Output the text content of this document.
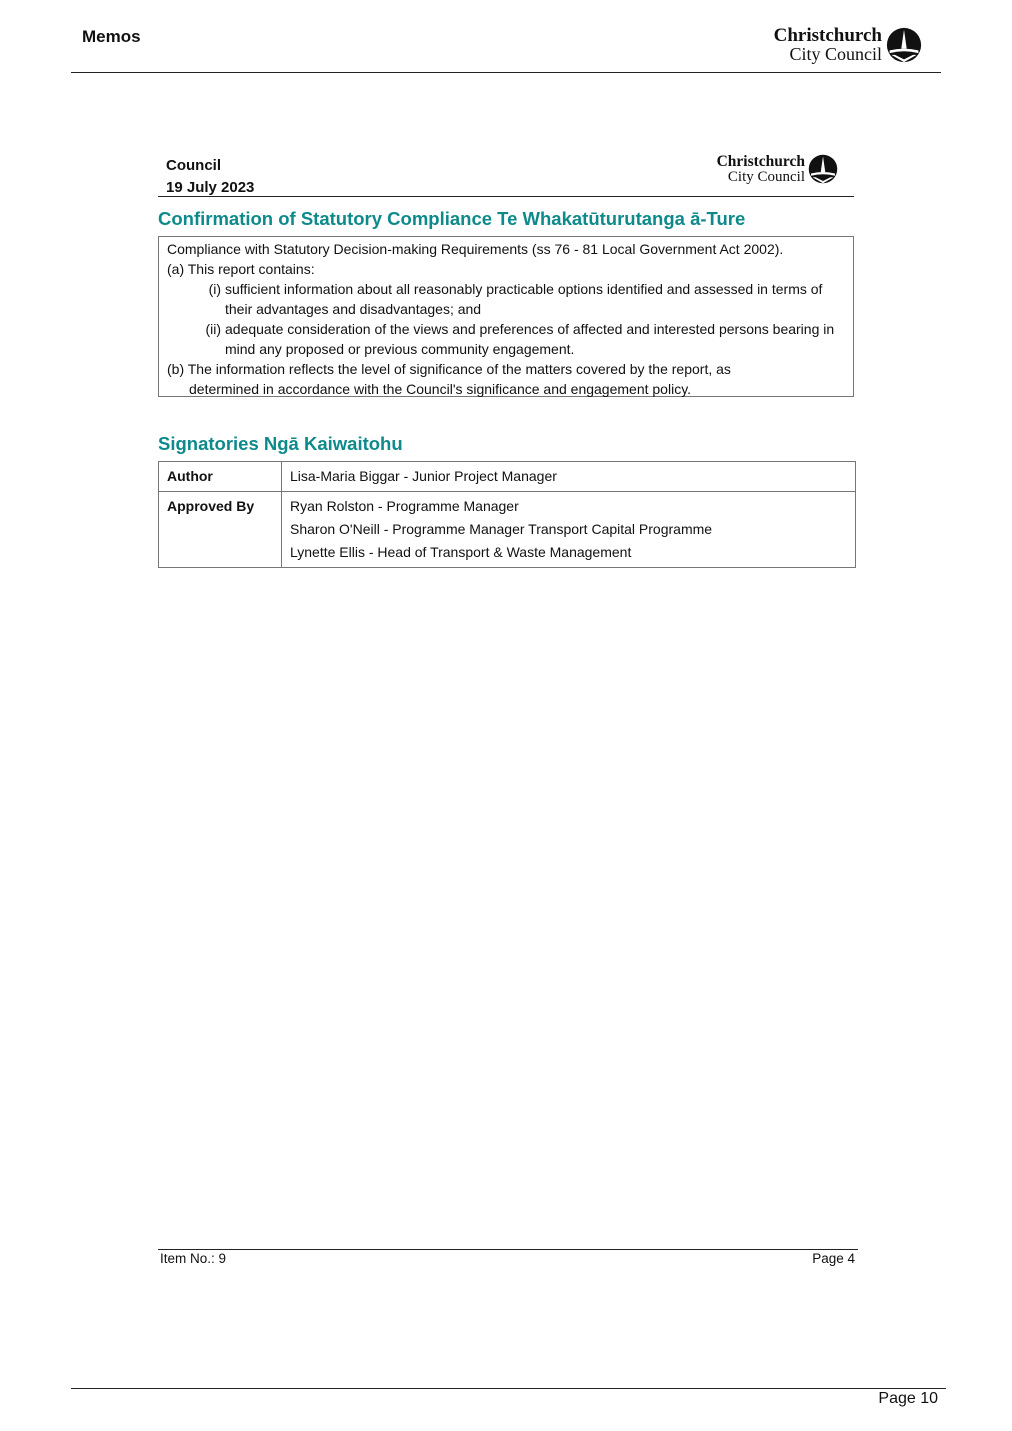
Memos	Christchurch
City Council
Council
19 July 2023
Christchurch
City Council
Confirmation of Statutory Compliance Te Whakatūturutanga ā-Ture

Compliance with Statutory Decision-making Requirements (ss 76 - 81 Local Government Act 2002).

(a) This report contains:

(i) sufficient information about all reasonably practicable options identified and assessed in terms of their advantages and disadvantages; and
(ii) adequate consideration of the views and preferences of affected and interested persons bearing in mind any proposed or previous community engagement.

(b) The information reflects the level of significance of the matters covered by the report, as

determined in accordance with the Council's significance and engagement policy.

Signatories Ngā Kaiwaitohu
Author	Lisa-Maria Biggar - Junior Project Manager
Approved By	Ryan Rolston - Programme Manager
Sharon O'Neill - Programme Manager Transport Capital Programme
Lynette Ellis - Head of Transport & Waste Management
Item No.: 9	Page 4
Page 10
